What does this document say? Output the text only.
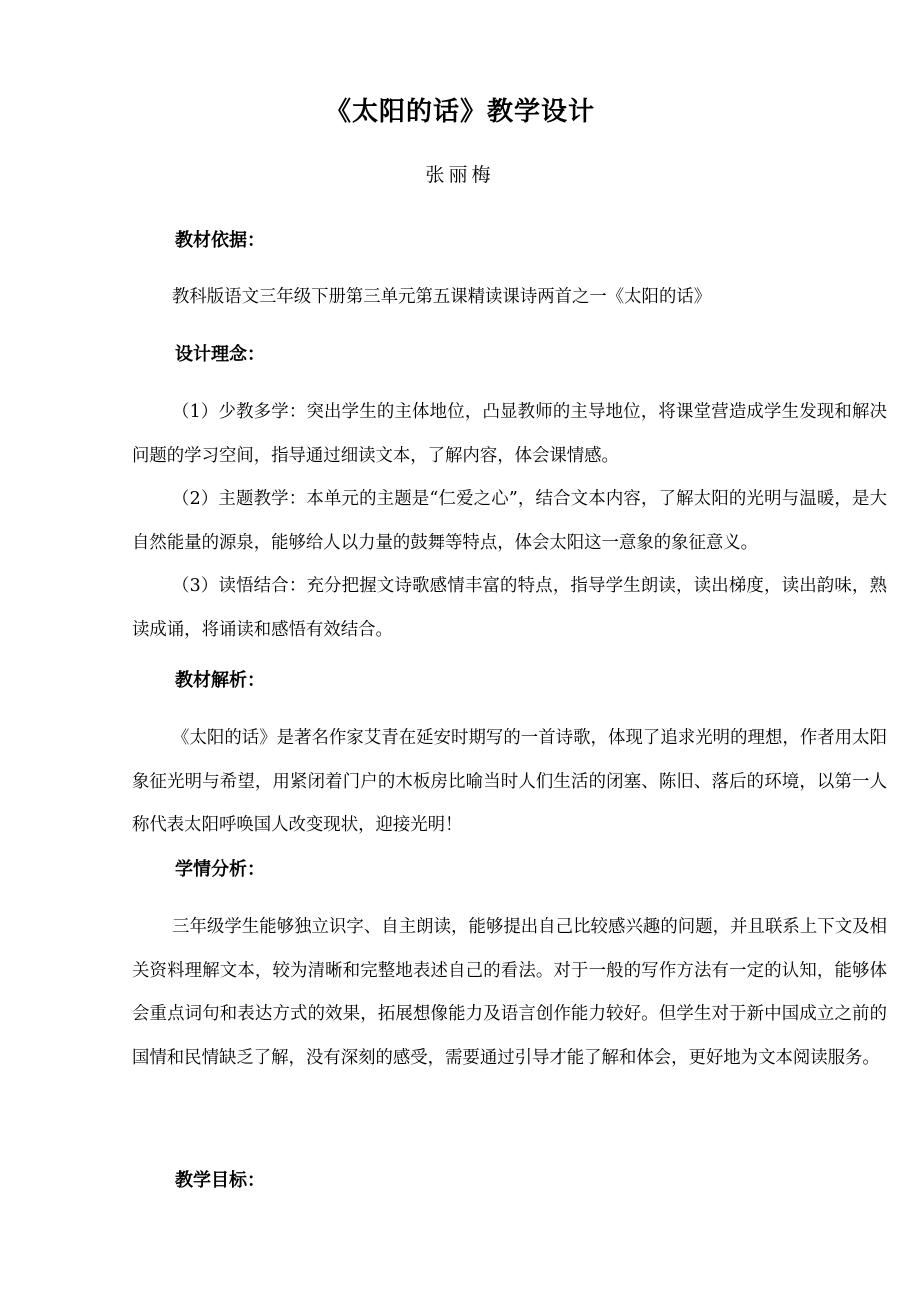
《太阳的话》教学设计
张丽梅
教材依据：

教科版语文三年级下册第三单元第五课精读课诗两首之一《太阳的话》

设计理念：

（1）少教多学：突出学生的主体地位，凸显教师的主导地位，将课堂营造成学生发现和解决问题的学习空间，指导通过细读文本，了解内容，体会课情感。

（2）主题教学：本单元的主题是“仁爱之心”，结合文本内容，了解太阳的光明与温暖，是大自然能量的源泉，能够给人以力量的鼓舞等特点，体会太阳这一意象的象征意义。

（3）读悟结合：充分把握文诗歌感情丰富的特点，指导学生朗读，读出梯度，读出韵味，熟读成诵，将诵读和感悟有效结合。

教材解析：

《太阳的话》是著名作家艾青在延安时期写的一首诗歌，体现了追求光明的理想，作者用太阳象征光明与希望，用紧闭着门户的木板房比喻当时人们生活的闭塞、陈旧、落后的环境，以第一人称代表太阳呼唤国人改变现状，迎接光明！

学情分析：

三年级学生能够独立识字、自主朗读，能够提出自己比较感兴趣的问题，并且联系上下文及相关资料理解文本，较为清晰和完整地表述自己的看法。对于一般的写作方法有一定的认知，能够体会重点词句和表达方式的效果，拓展想像能力及语言创作能力较好。但学生对于新中国成立之前的国情和民情缺乏了解，没有深刻的感受，需要通过引导才能了解和体会，更好地为文本阅读服务。

教学目标：
